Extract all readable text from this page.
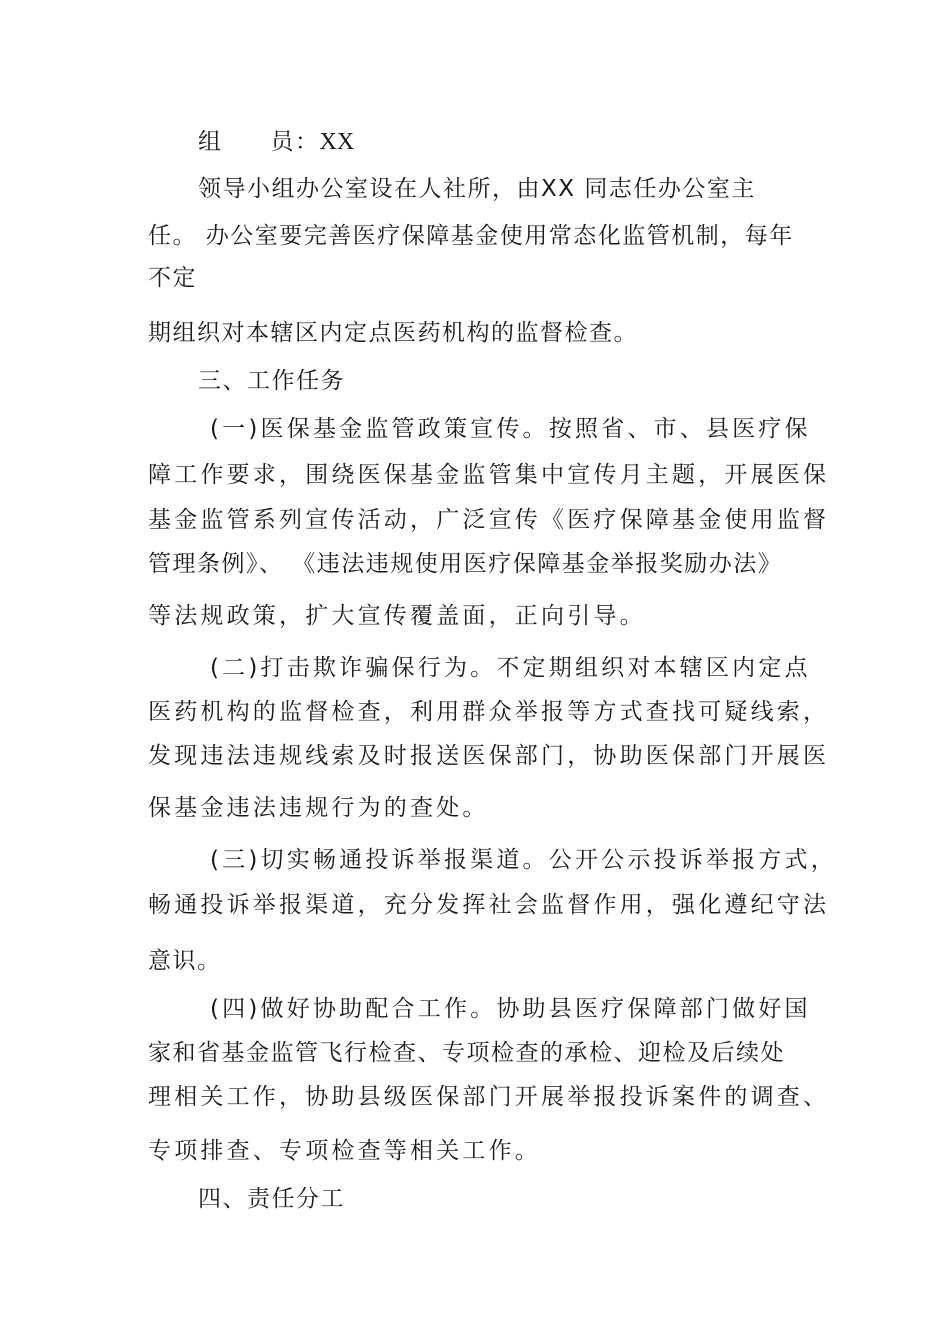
组 员：XX
领导小组办公室设在人社所，由XX 同志任办公室主
任。 办公室要完善医疗保障基金使用常态化监管机制，每年
不定
期组织对本辖区内定点医药机构的监督检查。
三、工作任务
(一)医保基金监管政策宣传。按照省、市、县医疗保
障工作要求，围绕医保基金监管集中宣传月主题，开展医保
基金监管系列宣传活动，广泛宣传《医疗保障基金使用监督
管理条例》、 《违法违规使用医疗保障基金举报奖励办法》
等法规政策，扩大宣传覆盖面，正向引导。
(二)打击欺诈骗保行为。不定期组织对本辖区内定点
医药机构的监督检查，利用群众举报等方式查找可疑线索，
发现违法违规线索及时报送医保部门，协助医保部门开展医
保基金违法违规行为的查处。
(三)切实畅通投诉举报渠道。公开公示投诉举报方式，
畅通投诉举报渠道，充分发挥社会监督作用，强化遵纪守法
意识。
(四)做好协助配合工作。协助县医疗保障部门做好国
家和省基金监管飞行检查、专项检查的承检、迎检及后续处
理相关工作，协助县级医保部门开展举报投诉案件的调查、
专项排查、专项检查等相关工作。
四、责任分工
